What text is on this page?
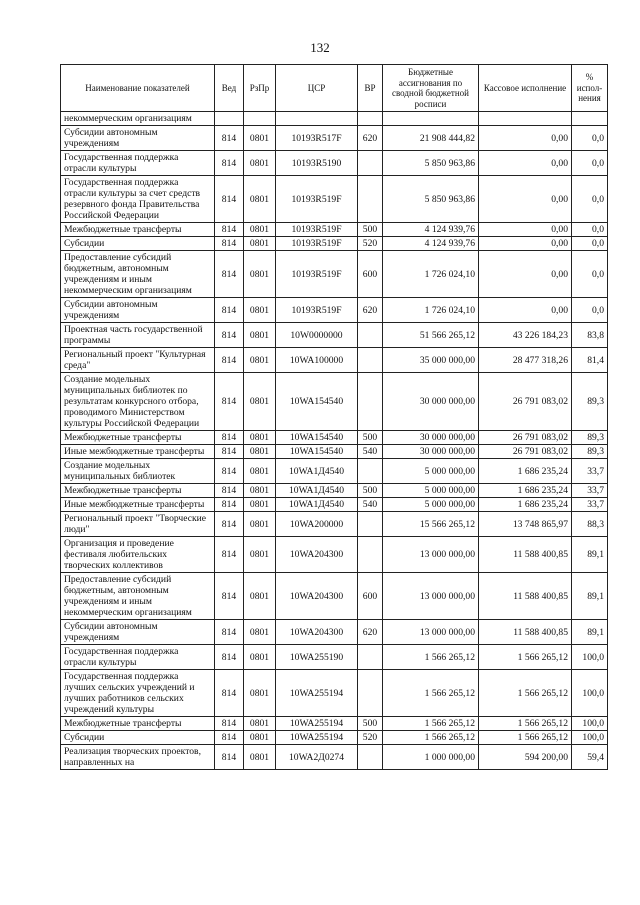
132
Наименование показателей	Вед	РзПр	ЦСР	ВР	Бюджетные ассигнования по сводной бюджетной росписи	Кассовое исполнение	% испол-нения
некоммерческим организациям							
Субсидии автономным учреждениям	814	0801	10193R517F	620	21 908 444,82	0,00	0,0
Государственная поддержка отрасли культуры	814	0801	10193R5190		5 850 963,86	0,00	0,0
Государственная поддержка отрасли культуры за счет средств резервного фонда Правительства Российской Федерации	814	0801	10193R519F		5 850 963,86	0,00	0,0
Межбюджетные трансферты	814	0801	10193R519F	500	4 124 939,76	0,00	0,0
Субсидии	814	0801	10193R519F	520	4 124 939,76	0,00	0,0
Предоставление субсидий бюджетным, автономным учреждениям и иным некоммерческим организациям	814	0801	10193R519F	600	1 726 024,10	0,00	0,0
Субсидии автономным учреждениям	814	0801	10193R519F	620	1 726 024,10	0,00	0,0
Проектная часть государственной программы	814	0801	10W0000000		51 566 265,12	43 226 184,23	83,8
Региональный проект "Культурная среда"	814	0801	10WA100000		35 000 000,00	28 477 318,26	81,4
Создание модельных муниципальных библиотек по результатам конкурсного отбора, проводимого Министерством культуры Российской Федерации	814	0801	10WA154540		30 000 000,00	26 791 083,02	89,3
Межбюджетные трансферты	814	0801	10WA154540	500	30 000 000,00	26 791 083,02	89,3
Иные межбюджетные трансферты	814	0801	10WA154540	540	30 000 000,00	26 791 083,02	89,3
Создание модельных муниципальных библиотек	814	0801	10WA1Д4540		5 000 000,00	1 686 235,24	33,7
Межбюджетные трансферты	814	0801	10WA1Д4540	500	5 000 000,00	1 686 235,24	33,7
Иные межбюджетные трансферты	814	0801	10WA1Д4540	540	5 000 000,00	1 686 235,24	33,7
Региональный проект "Творческие люди"	814	0801	10WA200000		15 566 265,12	13 748 865,97	88,3
Организация и проведение фестиваля любительских творческих коллективов	814	0801	10WA204300		13 000 000,00	11 588 400,85	89,1
Предоставление субсидий бюджетным, автономным учреждениям и иным некоммерческим организациям	814	0801	10WA204300	600	13 000 000,00	11 588 400,85	89,1
Субсидии автономным учреждениям	814	0801	10WA204300	620	13 000 000,00	11 588 400,85	89,1
Государственная поддержка отрасли культуры	814	0801	10WA255190		1 566 265,12	1 566 265,12	100,0
Государственная поддержка лучших сельских учреждений и лучших работников сельских учреждений культуры	814	0801	10WA255194		1 566 265,12	1 566 265,12	100,0
Межбюджетные трансферты	814	0801	10WA255194	500	1 566 265,12	1 566 265,12	100,0
Субсидии	814	0801	10WA255194	520	1 566 265,12	1 566 265,12	100,0
Реализация творческих проектов, направленных на	814	0801	10WA2Д0274		1 000 000,00	594 200,00	59,4
